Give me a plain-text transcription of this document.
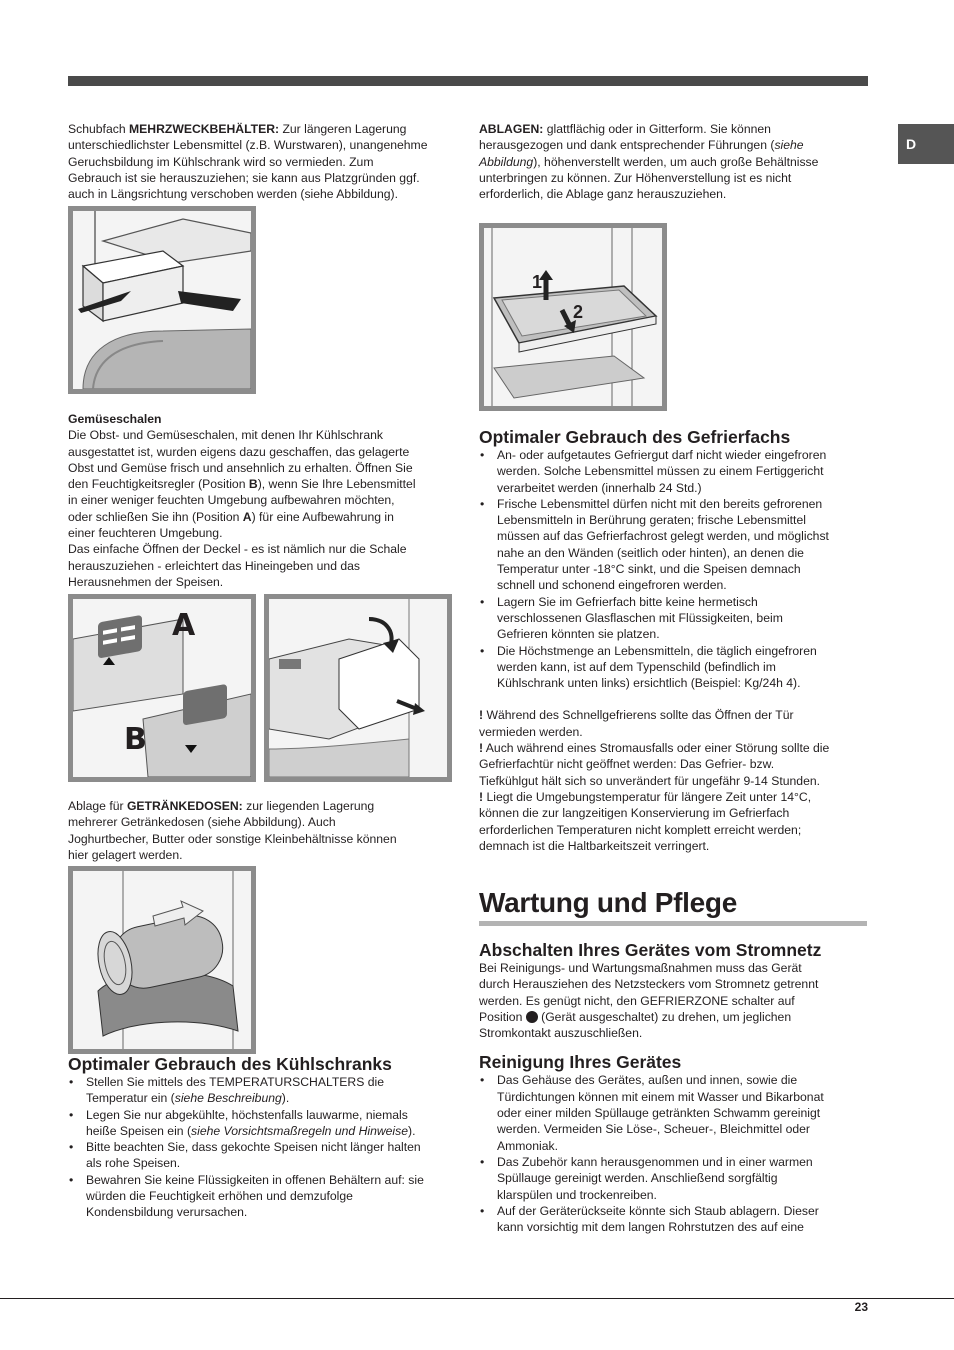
D

Schubfach MEHRZWECKBEHÄLTER: Zur längeren Lagerung
unterschiedlichster Lebensmittel (z.B. Wurstwaren), unangenehme
Geruchsbildung im Kühlschrank wird so vermieden. Zum
Gebrauch ist sie herauszuziehen; sie kann aus Platzgründen ggf.
auch in Längsrichtung verschoben werden (siehe Abbildung).

Gemüseschalen
Die Obst- und Gemüseschalen, mit denen Ihr Kühlschrank
ausgestattet ist, wurden eigens dazu geschaffen, das gelagerte
Obst und Gemüse frisch und ansehnlich zu erhalten. Öffnen Sie
den Feuchtigkeitsregler (Position B), wenn Sie Ihre Lebensmittel
in einer weniger feuchten Umgebung aufbewahren möchten,
oder schließen Sie ihn (Position A) für eine Aufbewahrung in
einer feuchteren Umgebung.
Das einfache Öffnen der Deckel - es ist nämlich nur die Schale
herauszuziehen - erleichtert das Hineingeben und das
Herausnehmen der Speisen.

A
B

Ablage für GETRÄNKEDOSEN: zur liegenden Lagerung
mehrerer Getränkedosen (siehe Abbildung). Auch
Joghurtbecher, Butter oder sonstige Kleinbehältnisse können
hier gelagert werden.

Optimaler Gebrauch des Kühlschranks

• Stellen Sie mittels des TEMPERATURSCHALTERS die
Temperatur ein (siehe Beschreibung).
• Legen Sie nur abgekühlte, höchstenfalls lauwarme, niemals
heiße Speisen ein (siehe Vorsichtsmaßregeln und Hinweise).
• Bitte beachten Sie, dass gekochte Speisen nicht länger halten
als rohe Speisen.
• Bewahren Sie keine Flüssigkeiten in offenen Behältern auf: sie
würden die Feuchtigkeit erhöhen und demzufolge
Kondensbildung verursachen.

ABLAGEN: glattflächig oder in Gitterform. Sie können
herausgezogen und dank entsprechender Führungen (siehe
Abbildung), höhenverstellt werden, um auch große Behältnisse
unterbringen zu können. Zur Höhenverstellung ist es nicht
erforderlich, die Ablage ganz herauszuziehen.

1
2

Optimaler Gebrauch des Gefrierfachs

• An- oder aufgetautes Gefriergut darf nicht wieder eingefroren
werden. Solche Lebensmittel müssen zu einem Fertiggericht
verarbeitet werden (innerhalb 24 Std.)
• Frische Lebensmittel dürfen nicht mit den bereits gefrorenen
Lebensmitteln in Berührung geraten; frische Lebensmittel
müssen auf das Gefrierfachrost gelegt werden, und möglichst
nahe an den Wänden (seitlich oder hinten), an denen die
Temperatur unter -18°C sinkt, und die Speisen demnach
schnell und schonend eingefroren werden.
• Lagern Sie im Gefrierfach bitte keine hermetisch
verschlossenen Glasflaschen mit Flüssigkeiten, beim
Gefrieren könnten sie platzen.
• Die Höchstmenge an Lebensmitteln, die täglich eingefroren
werden kann, ist auf dem Typenschild (befindlich im
Kühlschrank unten links) ersichtlich (Beispiel: Kg/24h 4).

! Während des Schnellgefrierens sollte das Öffnen der Tür
vermieden werden.
! Auch während eines Stromausfalls oder einer Störung sollte die
Gefrierfachtür nicht geöffnet werden: Das Gefrier- bzw.
Tiefkühlgut hält sich so unverändert für ungefähr 9-14 Stunden.
! Liegt die Umgebungstemperatur für längere Zeit unter 14°C,
können die zur langzeitigen Konservierung im Gefrierfach
erforderlichen Temperaturen nicht komplett erreicht werden;
demnach ist die Haltbarkeitszeit verringert.

Wartung und Pflege

Abschalten Ihres Gerätes vom Stromnetz

Bei Reinigungs- und Wartungsmaßnahmen muss das Gerät
durch Herausziehen des Netzsteckers vom Stromnetz getrennt
werden. Es genügt nicht, den GEFRIERZONE schalter auf
Position  (Gerät ausgeschaltet) zu drehen, um jeglichen
Stromkontakt auszuschließen.

Reinigung Ihres Gerätes

• Das Gehäuse des Gerätes, außen und innen, sowie die
Türdichtungen können mit einem mit Wasser und Bikarbonat
oder einer milden Spüllauge getränkten Schwamm gereinigt
werden. Vermeiden Sie Löse-, Scheuer-, Bleichmittel oder
Ammoniak.
• Das Zubehör kann herausgenommen und in einer warmen
Spüllauge gereinigt werden. Anschließend sorgfältig
klarspülen und trockenreiben.
• Auf der Geräterückseite könnte sich Staub ablagern. Dieser
kann vorsichtig mit dem langen Rohrstutzen des auf eine
23
